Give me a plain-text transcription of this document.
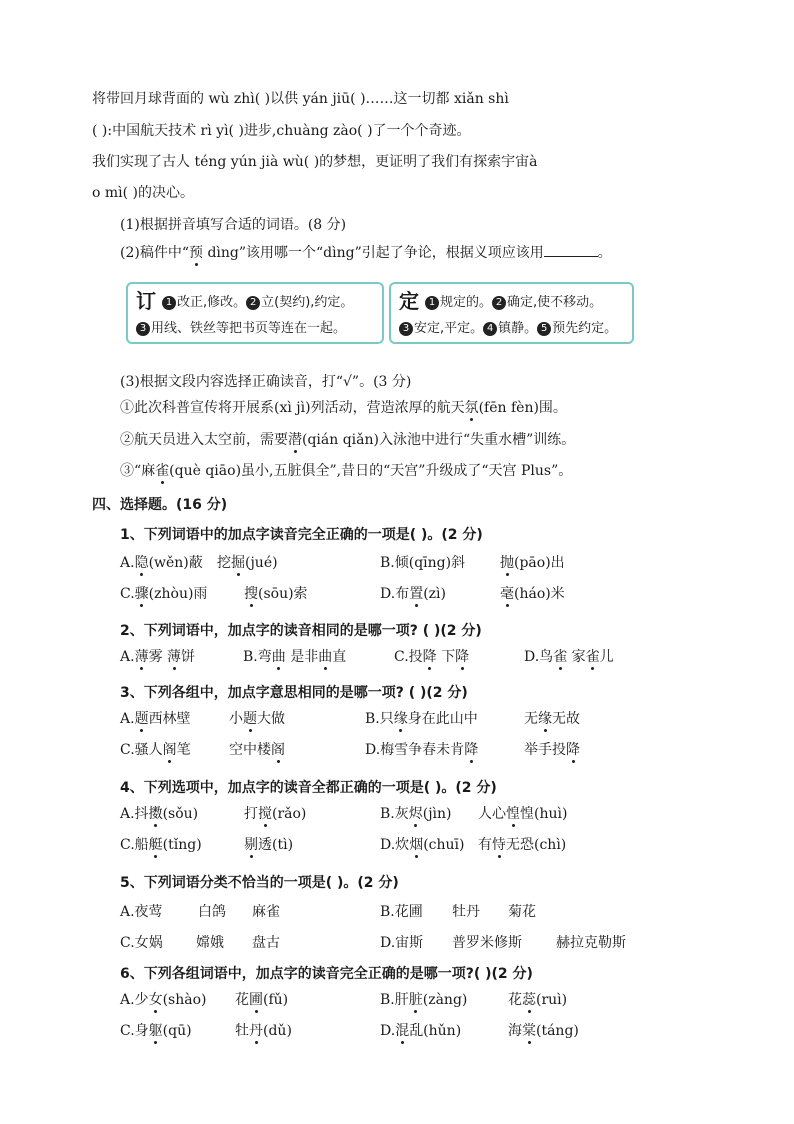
将带回月球背面的 wù zhì( )以供 yán jiū( )……这一切都 xiǎn shì
( ):中国航天技术 rì yì( )进步,chuàng zào( )了一个个奇迹。
我们实现了古人 téng yún jià wù( )的梦想，更证明了我们有探索宇宙à
o mì( )的决心。
(1)根据拼音填写合适的词语。(8 分)
(2)稿件中“预 dìng”该用哪一个“dìng”引起了争论，根据义项应该用	。
订 1 改正,修改。 2 立(契约),约定。
3 用线、铁丝等把书页等连在一起。
定 1 规定的。 2 确定,使不移动。
3 安定,平定。 4 镇静。 5 预先约定。
(3)根据文段内容选择正确读音，打“√”。(3 分)
①此次科普宣传将开展系(xì jì)列活动，营造浓厚的航天氛(fēn fèn)围。
②航天员进入太空前，需要潜(qián qiǎn)入泳池中进行“失重水槽”训练。
③“麻雀(què qiāo)虽小,五脏俱全”,昔日的“天宫”升级成了“天宫 Plus”。
四、选择题。(16 分)
1、下列词语中的加点字读音完全正确的一项是( )。(2 分)
A.隐(wěn)蔽 挖掘(jué)	B.倾(qīng)斜 抛(pāo)出
C.骤(zhòu)雨	搜(sōu)索	D.布置(zì)	毫(háo)米
2、下列词语中，加点字的读音相同的是哪一项? ( )(2 分)
A.薄雾 薄饼	B.弯曲 是非曲直	C.投降 下降	D.鸟雀 家雀儿
3、下列各组中，加点字意思相同的是哪一项? ( )(2 分)
A.题西林壁	小题大做	B.只缘身在此山中	无缘无故
C.骚人阁笔	空中楼阁	D.梅雪争春未肯降	举手投降
4、下列选项中，加点字的读音全都正确的一项是( )。(2 分)
A.抖擞(sǒu)	打搅(rǎo)	B.灰烬(jìn) 人心惶惶(huì)
C.船艇(tǐng)	剔透(tì)	D.炊烟(chuī) 有恃无恐(chì)
5、下列词语分类不恰当的一项是( )。(2 分)
A.夜莺	白鸽 麻雀	B.花圃 牡丹 菊花
C.女娲 嫦娥 盘古	D.宙斯 普罗米修斯 赫拉克勒斯
6、下列各组词语中，加点字的读音完全正确的是哪一项?( )(2 分)
A.少女(shào) 花圃(fǔ)	B.肝脏(zàng)	花蕊(ruì)
C.身躯(qū)	牡丹(dǔ)	D.混乱(hǔn)	海棠(táng)
